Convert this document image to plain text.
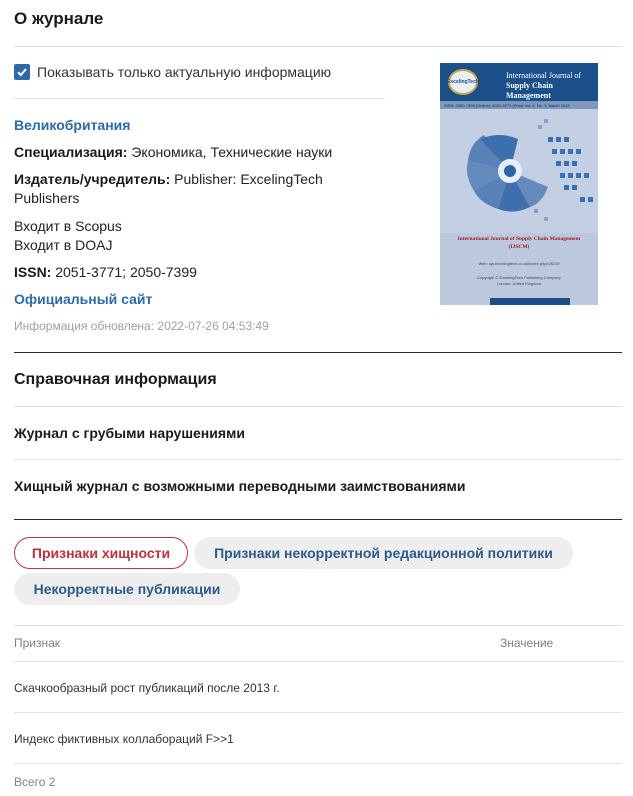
О журнале
Показывать только актуальную информацию
Великобритания
Специализация: Экономика, Технические науки
Издатель/учредитель: Publisher: ExcelingTech Publishers
Входит в Scopus
Входит в DOAJ
ISSN: 2051-3771; 2050-7399
Официальный сайт
Информация обновлена: 2022-07-26 04:53:49
ExcelingTech
International Journal of
Supply Chain Management
ISSN: 2050-7399 (Online), 2051-3771 (Print) Vol. 2, No. 1, March 2013
International Journal of Supply Chain Management
(IJSCM)
Web: ojs.excelingtech.co.uk/index.php/IJSCM
Copyright © ExcelingTech Publishing Company
London, United Kingdom
Справочная информация
Журнал с грубыми нарушениями
Хищный журнал с возможными переводными заимствованиями
Признаки хищности	Признаки некорректной редакционной политики
Некорректные публикации
Признак	Значение
Скачкообразный рост публикаций после 2013 г.
Индекс фиктивных коллабораций F>>1
Всего 2
